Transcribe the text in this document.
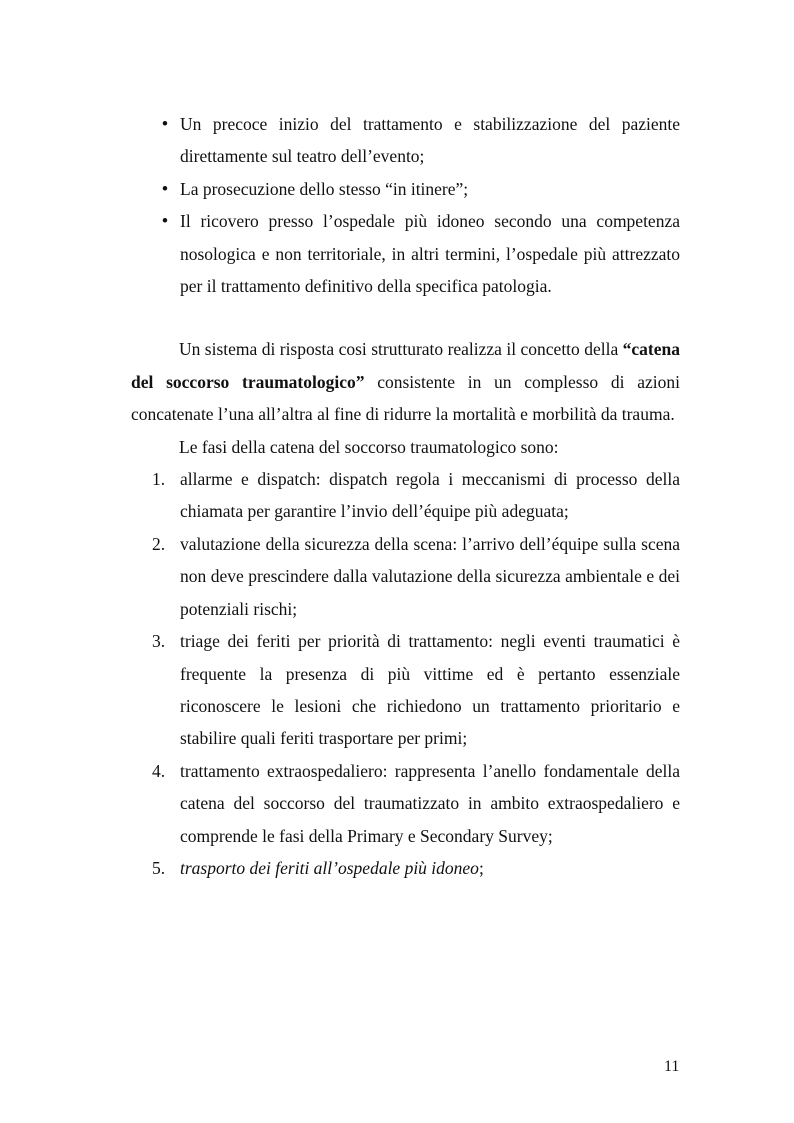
•
Un precoce inizio del trattamento e stabilizzazione del paziente direttamente sul teatro dell’evento;
•
La prosecuzione dello stesso “in itinere”;
•
Il ricovero presso l’ospedale più idoneo secondo una competenza nosologica e non territoriale, in altri termini, l’ospedale più attrezzato per il trattamento definitivo della specifica patologia.

Un sistema di risposta cosi strutturato realizza il concetto della “catena del soccorso traumatologico” consistente in un complesso di azioni concatenate l’una all’altra al fine di ridurre la mortalità e morbilità da trauma.

Le fasi della catena del soccorso traumatologico sono:

1. allarme e dispatch: dispatch regola i meccanismi di processo della chiamata per garantire l’invio dell’équipe più adeguata;
2. valutazione della sicurezza della scena: l’arrivo dell’équipe sulla scena non deve prescindere dalla valutazione della sicurezza ambientale e dei potenziali rischi;
3. triage dei feriti per priorità di trattamento: negli eventi traumatici è frequente la presenza di più vittime ed è pertanto essenziale riconoscere le lesioni che richiedono un trattamento prioritario e stabilire quali feriti trasportare per primi;
4. trattamento extraospedaliero: rappresenta l’anello fondamentale della catena del soccorso del traumatizzato in ambito extraospedaliero e comprende le fasi della Primary e Secondary Survey;
5. trasporto dei feriti all’ospedale più idoneo;
11
